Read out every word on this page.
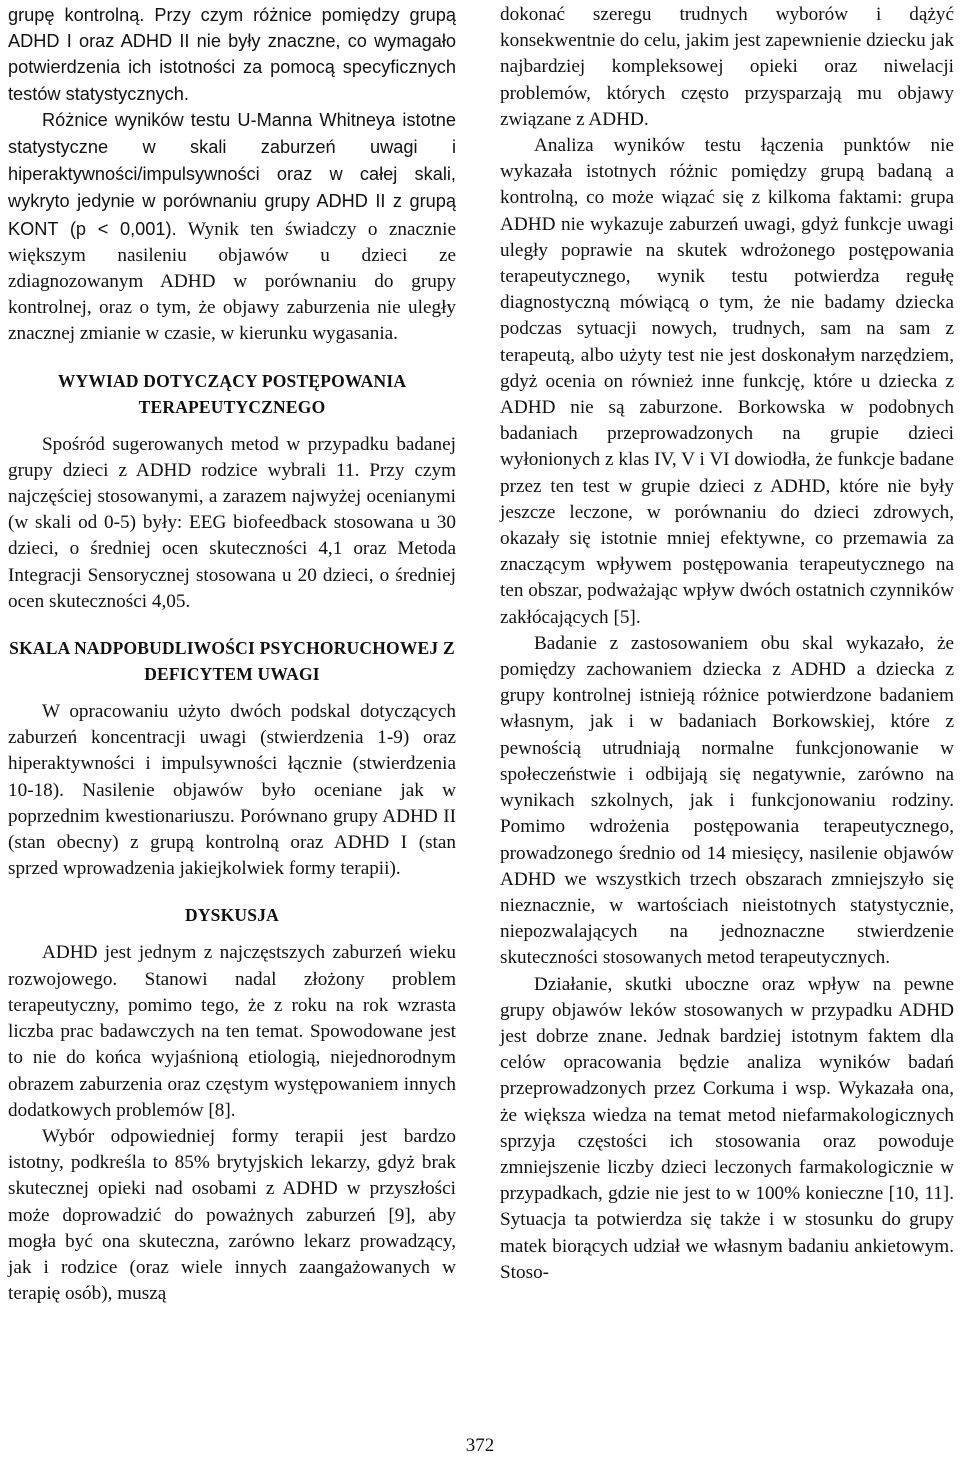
grupę kontrolną. Przy czym różnice pomiędzy grupą ADHD I oraz ADHD II nie były znaczne, co wymagało potwierdzenia ich istotności za pomocą specyficznych testów statystycznych.

Różnice wyników testu U-Manna Whitneya istotne statystyczne w skali zaburzeń uwagi i hiperaktywności/impulsywności oraz w całej skali, wykryto jedynie w porównaniu grupy ADHD II z grupą KONT (p < 0,001). Wynik ten świadczy o znacznie większym nasileniu objawów u dzieci ze zdiagnozowanym ADHD w porównaniu do grupy kontrolnej, oraz o tym, że objawy zaburzenia nie uległy znacznej zmianie w czasie, w kierunku wygasania.

WYWIAD DOTYCZĄCY POSTĘPOWANIA TERAPEUTYCZNEGO

Spośród sugerowanych metod w przypadku badanej grupy dzieci z ADHD rodzice wybrali 11. Przy czym najczęściej stosowanymi, a zarazem najwyżej ocenianymi (w skali od 0-5) były: EEG biofeedback stosowana u 30 dzieci, o średniej ocen skuteczności 4,1 oraz Metoda Integracji Sensorycznej stosowana u 20 dzieci, o średniej ocen skuteczności 4,05.

SKALA NADPOBUDLIWOŚCI PSYCHORUCHOWEJ Z DEFICYTEM UWAGI

W opracowaniu użyto dwóch podskal dotyczących zaburzeń koncentracji uwagi (stwierdzenia 1-9) oraz hiperaktywności i impulsywności łącznie (stwierdzenia 10-18). Nasilenie objawów było oceniane jak w poprzednim kwestionariuszu. Porównano grupy ADHD II (stan obecny) z grupą kontrolną oraz ADHD I (stan sprzed wprowadzenia jakiejkolwiek formy terapii).

DYSKUSJA

ADHD jest jednym z najczęstszych zaburzeń wieku rozwojowego. Stanowi nadal złożony problem terapeutyczny, pomimo tego, że z roku na rok wzrasta liczba prac badawczych na ten temat. Spowodowane jest to nie do końca wyjaśnioną etiologią, niejednorodnym obrazem zaburzenia oraz częstym występowaniem innych dodatkowych problemów [8].

Wybór odpowiedniej formy terapii jest bardzo istotny, podkreśla to 85% brytyjskich lekarzy, gdyż brak skutecznej opieki nad osobami z ADHD w przyszłości może doprowadzić do poważnych zaburzeń [9], aby mogła być ona skuteczna, zarówno lekarz prowadzący, jak i rodzice (oraz wiele innych zaangażowanych w terapię osób), muszą

dokonać szeregu trudnych wyborów i dążyć konsekwentnie do celu, jakim jest zapewnienie dziecku jak najbardziej kompleksowej opieki oraz niwelacji problemów, których często przysparzają mu objawy związane z ADHD.

Analiza wyników testu łączenia punktów nie wykazała istotnych różnic pomiędzy grupą badaną a kontrolną, co może wiązać się z kilkoma faktami: grupa ADHD nie wykazuje zaburzeń uwagi, gdyż funkcje uwagi uległy poprawie na skutek wdrożonego postępowania terapeutycznego, wynik testu potwierdza regułę diagnostyczną mówiącą o tym, że nie badamy dziecka podczas sytuacji nowych, trudnych, sam na sam z terapeutą, albo użyty test nie jest doskonałym narzędziem, gdyż ocenia on również inne funkcję, które u dziecka z ADHD nie są zaburzone. Borkowska w podobnych badaniach przeprowadzonych na grupie dzieci wyłonionych z klas IV, V i VI dowiodła, że funkcje badane przez ten test w grupie dzieci z ADHD, które nie były jeszcze leczone, w porównaniu do dzieci zdrowych, okazały się istotnie mniej efektywne, co przemawia za znaczącym wpływem postępowania terapeutycznego na ten obszar, podważając wpływ dwóch ostatnich czynników zakłócających [5].

Badanie z zastosowaniem obu skal wykazało, że pomiędzy zachowaniem dziecka z ADHD a dziecka z grupy kontrolnej istnieją różnice potwierdzone badaniem własnym, jak i w badaniach Borkowskiej, które z pewnością utrudniają normalne funkcjonowanie w społeczeństwie i odbijają się negatywnie, zarówno na wynikach szkolnych, jak i funkcjonowaniu rodziny. Pomimo wdrożenia postępowania terapeutycznego, prowadzonego średnio od 14 miesięcy, nasilenie objawów ADHD we wszystkich trzech obszarach zmniejszyło się nieznacznie, w wartościach nieistotnych statystycznie, niepozwalających na jednoznaczne stwierdzenie skuteczności stosowanych metod terapeutycznych.

Działanie, skutki uboczne oraz wpływ na pewne grupy objawów leków stosowanych w przypadku ADHD jest dobrze znane. Jednak bardziej istotnym faktem dla celów opracowania będzie analiza wyników badań przeprowadzonych przez Corkuma i wsp. Wykazała ona, że większa wiedza na temat metod niefarmakologicznych sprzyja częstości ich stosowania oraz powoduje zmniejszenie liczby dzieci leczonych farmakologicznie w przypadkach, gdzie nie jest to w 100% konieczne [10, 11]. Sytuacja ta potwierdza się także i w stosunku do grupy matek biorących udział we własnym badaniu ankietowym. Stoso-

372
